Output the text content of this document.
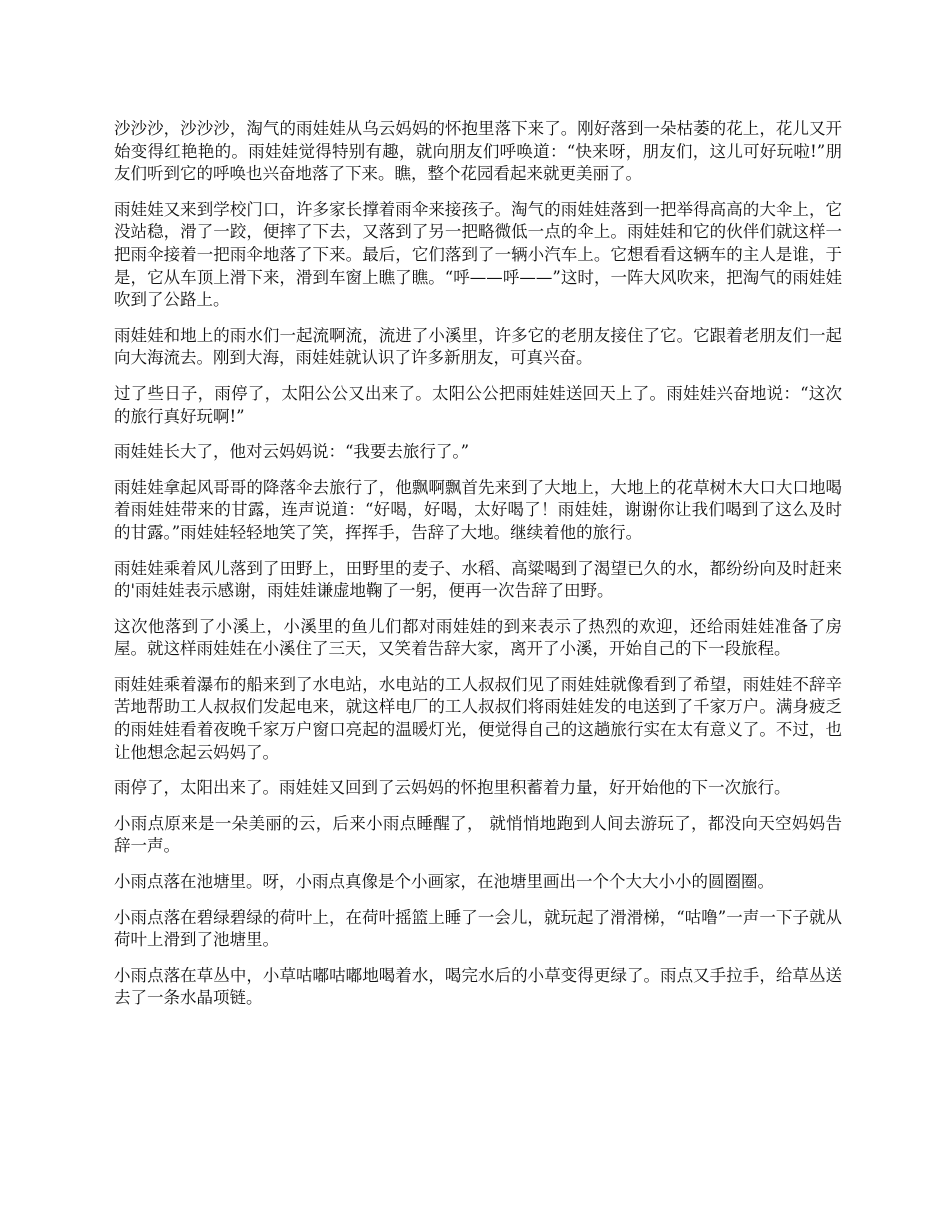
沙沙沙，沙沙沙，淘气的雨娃娃从乌云妈妈的怀抱里落下来了。刚好落到一朵枯萎的花上，花儿又开始变得红艳艳的。雨娃娃觉得特别有趣，就向朋友们呼唤道：“快来呀，朋友们，这儿可好玩啦!”朋友们听到它的呼唤也兴奋地落了下来。瞧，整个花园看起来就更美丽了。

雨娃娃又来到学校门口，许多家长撑着雨伞来接孩子。淘气的雨娃娃落到一把举得高高的大伞上，它没站稳，滑了一跤，便摔了下去，又落到了另一把略微低一点的伞上。雨娃娃和它的伙伴们就这样一把雨伞接着一把雨伞地落了下来。最后，它们落到了一辆小汽车上。它想看看这辆车的主人是谁，于是，它从车顶上滑下来，滑到车窗上瞧了瞧。“呼——呼——”这时，一阵大风吹来，把淘气的雨娃娃吹到了公路上。

雨娃娃和地上的雨水们一起流啊流，流进了小溪里，许多它的老朋友接住了它。它跟着老朋友们一起向大海流去。刚到大海，雨娃娃就认识了许多新朋友，可真兴奋。

过了些日子，雨停了，太阳公公又出来了。太阳公公把雨娃娃送回天上了。雨娃娃兴奋地说：“这次的旅行真好玩啊!”

雨娃娃长大了，他对云妈妈说：“我要去旅行了。”

雨娃娃拿起风哥哥的降落伞去旅行了，他飘啊飘首先来到了大地上，大地上的花草树木大口大口地喝着雨娃娃带来的甘露，连声说道：“好喝，好喝，太好喝了！雨娃娃，谢谢你让我们喝到了这么及时的甘露。”雨娃娃轻轻地笑了笑，挥挥手，告辞了大地。继续着他的旅行。

雨娃娃乘着风儿落到了田野上，田野里的麦子、水稻、高粱喝到了渴望已久的水，都纷纷向及时赶来的'雨娃娃表示感谢，雨娃娃谦虚地鞠了一躬，便再一次告辞了田野。

这次他落到了小溪上，小溪里的鱼儿们都对雨娃娃的到来表示了热烈的欢迎，还给雨娃娃准备了房屋。就这样雨娃娃在小溪住了三天，又笑着告辞大家，离开了小溪，开始自己的下一段旅程。

雨娃娃乘着瀑布的船来到了水电站，水电站的工人叔叔们见了雨娃娃就像看到了希望，雨娃娃不辞辛苦地帮助工人叔叔们发起电来，就这样电厂的工人叔叔们将雨娃娃发的电送到了千家万户。满身疲乏的雨娃娃看着夜晚千家万户窗口亮起的温暖灯光，便觉得自己的这趟旅行实在太有意义了。不过，也让他想念起云妈妈了。

雨停了，太阳出来了。雨娃娃又回到了云妈妈的怀抱里积蓄着力量，好开始他的下一次旅行。

小雨点原来是一朵美丽的云，后来小雨点睡醒了， 就悄悄地跑到人间去游玩了，都没向天空妈妈告辞一声。

小雨点落在池塘里。呀，小雨点真像是个小画家，在池塘里画出一个个大大小小的圆圈圈。

小雨点落在碧绿碧绿的荷叶上，在荷叶摇篮上睡了一会儿，就玩起了滑滑梯，“咕噜”一声一下子就从荷叶上滑到了池塘里。

小雨点落在草丛中，小草咕嘟咕嘟地喝着水，喝完水后的小草变得更绿了。雨点又手拉手，给草丛送去了一条水晶项链。
